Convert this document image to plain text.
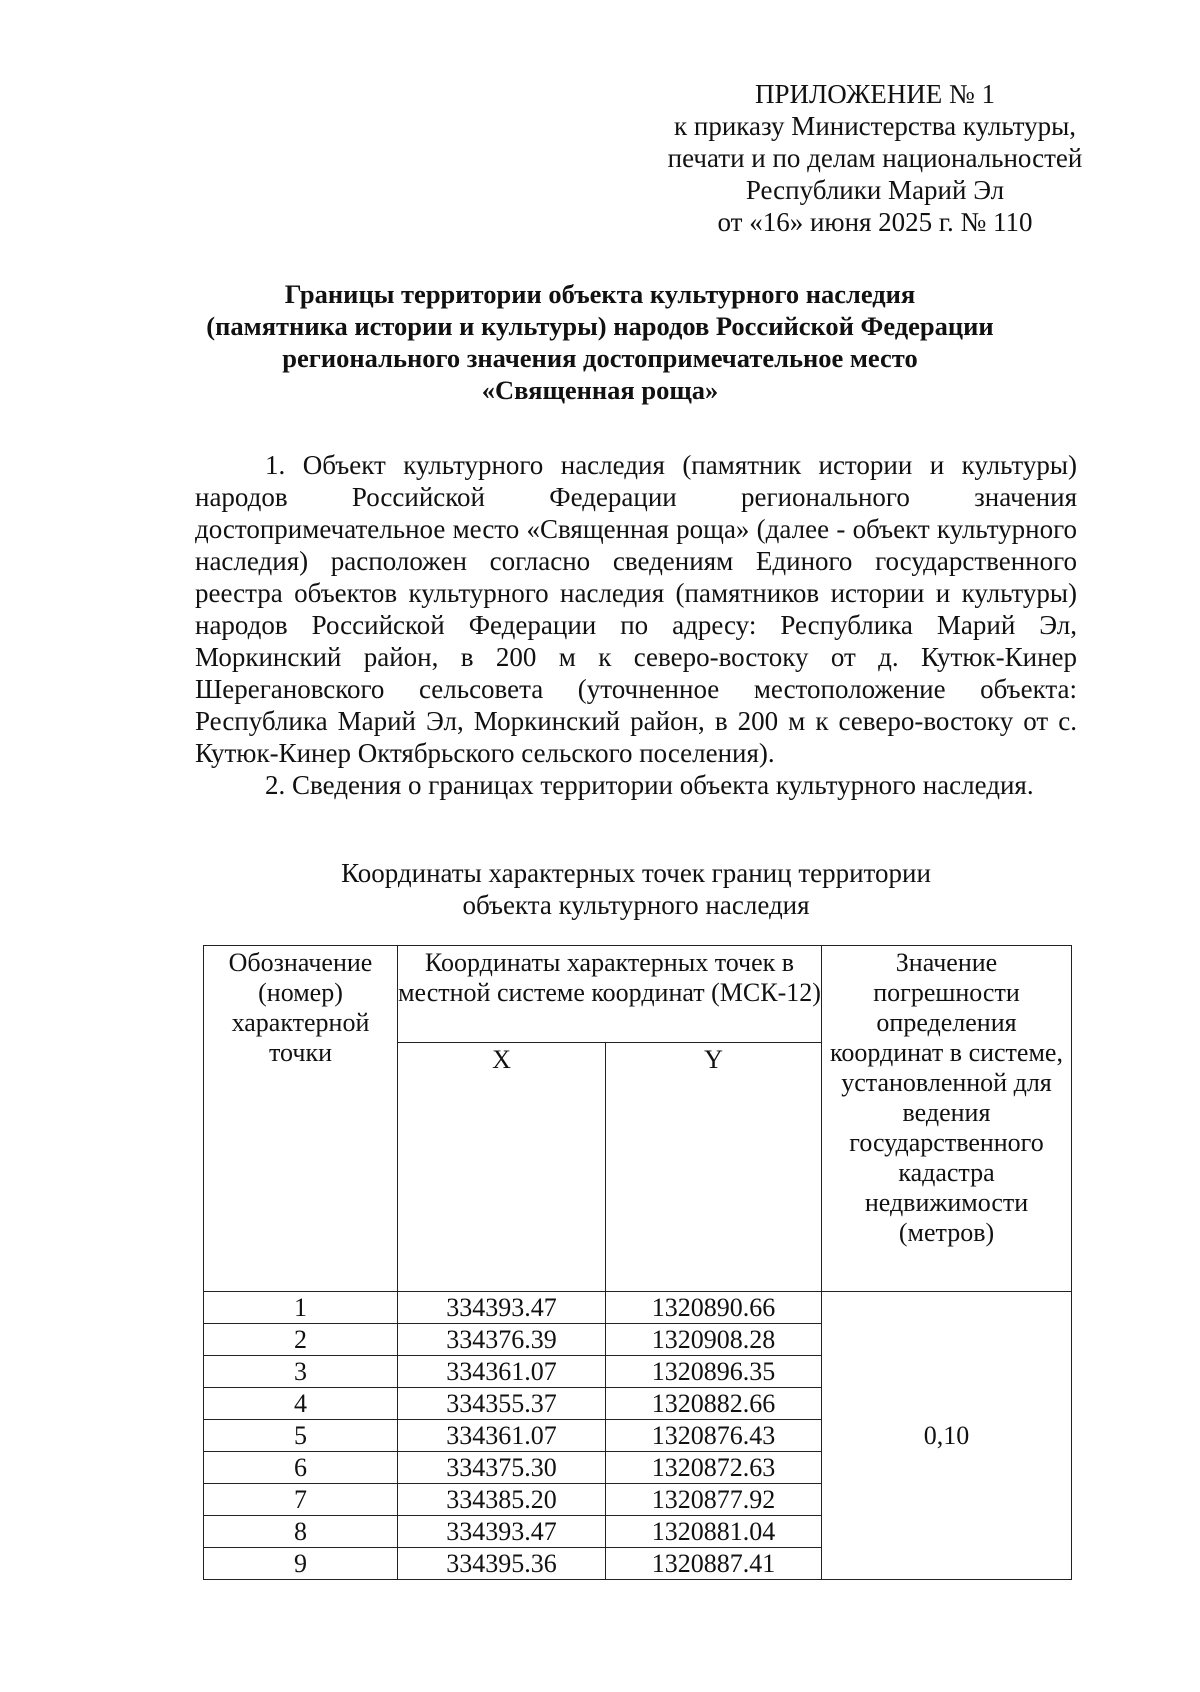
ПРИЛОЖЕНИЕ № 1
к приказу Министерства культуры,
печати и по делам национальностей
Республики Марий Эл
от «16» июня 2025 г. № 110
Границы территории объекта культурного наследия
(памятника истории и культуры) народов Российской Федерации
регионального значения достопримечательное место
«Священная роща»

1. Объект культурного наследия (памятник истории и культуры) народов Российской Федерации регионального значения достопримечательное место «Священная роща» (далее - объект культурного наследия) расположен согласно сведениям Единого государственного реестра объектов культурного наследия (памятников истории и культуры) народов Российской Федерации по адресу: Республика Марий Эл, Моркинский район, в 200 м к северо-востоку от д. Кутюк-Кинер Шерегановского сельсовета (уточненное местоположение объекта: Республика Марий Эл, Моркинский район, в 200 м к северо-востоку от с. Кутюк-Кинер Октябрьского сельского поселения).

2. Сведения о границах территории объекта культурного наследия.

Координаты характерных точек границ территории
объекта культурного наследия
Обозначение (номер) характерной точки	Координаты характерных точек в местной системе координат (МСК-12)		Значение погрешности определения координат в системе, установленной для ведения государственного кадастра недвижимости (метров)
	X	Y	
1	334393.47	1320890.66	0,10
2	334376.39	1320908.28	
3	334361.07	1320896.35	
4	334355.37	1320882.66	
5	334361.07	1320876.43	
6	334375.30	1320872.63	
7	334385.20	1320877.92	
8	334393.47	1320881.04	
9	334395.36	1320887.41	
